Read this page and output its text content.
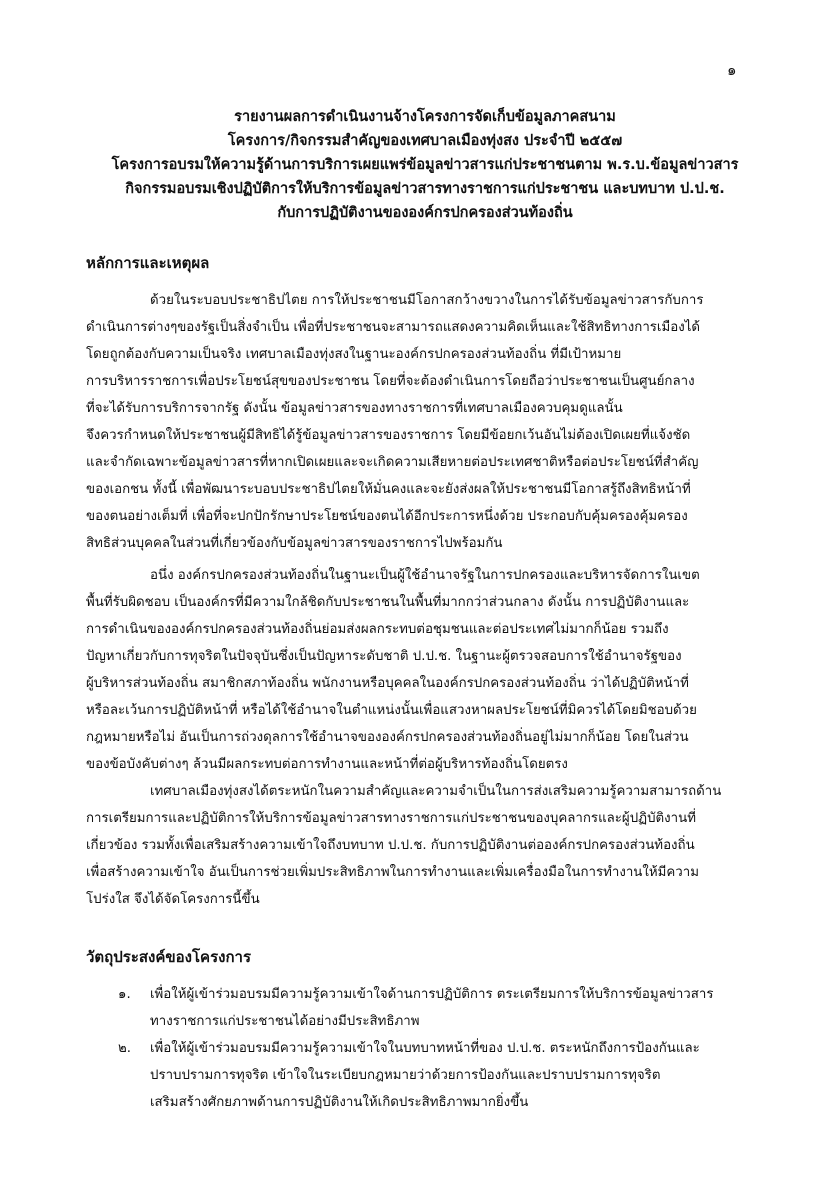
๑
รายงานผลการดำเนินงานจ้างโครงการจัดเก็บข้อมูลภาคสนาม
โครงการ/กิจกรรมสำคัญของเทศบาลเมืองทุ่งสง ประจำปี ๒๕๕๗
โครงการอบรมให้ความรู้ด้านการบริการเผยแพร่ข้อมูลข่าวสารแก่ประชาชนตาม พ.ร.บ.ข้อมูลข่าวสาร
กิจกรรมอบรมเชิงปฏิบัติการให้บริการข้อมูลข่าวสารทางราชการแก่ประชาชน และบทบาท ป.ป.ช.
กับการปฏิบัติงานขององค์กรปกครองส่วนท้องถิ่น
หลักการและเหตุผล
ด้วยในระบอบประชาธิปไตย การให้ประชาชนมีโอกาสกว้างขวางในการได้รับข้อมูลข่าวสารกับการ
ดำเนินการต่างๆของรัฐเป็นสิ่งจำเป็น เพื่อที่ประชาชนจะสามารถแสดงความคิดเห็นและใช้สิทธิทางการเมืองได้
โดยถูกต้องกับความเป็นจริง เทศบาลเมืองทุ่งสงในฐานะองค์กรปกครองส่วนท้องถิ่น ที่มีเป้าหมาย
การบริหารราชการเพื่อประโยชน์สุขของประชาชน โดยที่จะต้องดำเนินการโดยถือว่าประชาชนเป็นศูนย์กลาง
ที่จะได้รับการบริการจากรัฐ ดังนั้น ข้อมูลข่าวสารของทางราชการที่เทศบาลเมืองควบคุมดูแลนั้น
จึงควรกำหนดให้ประชาชนผู้มีสิทธิได้รู้ข้อมูลข่าวสารของราชการ โดยมีข้อยกเว้นอันไม่ต้องเปิดเผยที่แจ้งชัด
และจำกัดเฉพาะข้อมูลข่าวสารที่หากเปิดเผยและจะเกิดความเสียหายต่อประเทศชาติหรือต่อประโยชน์ที่สำคัญ
ของเอกชน ทั้งนี้ เพื่อพัฒนาระบอบประชาธิปไตยให้มั่นคงและจะยังส่งผลให้ประชาชนมีโอกาสรู้ถึงสิทธิหน้าที่
ของตนอย่างเต็มที่ เพื่อที่จะปกปักรักษาประโยชน์ของตนได้อีกประการหนึ่งด้วย ประกอบกับคุ้มครองคุ้มครอง
สิทธิส่วนบุคคลในส่วนที่เกี่ยวข้องกับข้อมูลข่าวสารของราชการไปพร้อมกัน
อนึ่ง องค์กรปกครองส่วนท้องถิ่นในฐานะเป็นผู้ใช้อำนาจรัฐในการปกครองและบริหารจัดการในเขต
พื้นที่รับผิดชอบ เป็นองค์กรที่มีความใกล้ชิดกับประชาชนในพื้นที่มากกว่าส่วนกลาง ดังนั้น การปฏิบัติงานและ
การดำเนินขององค์กรปกครองส่วนท้องถิ่นย่อมส่งผลกระทบต่อชุมชนและต่อประเทศไม่มากก็น้อย รวมถึง
ปัญหาเกี่ยวกับการทุจริตในปัจจุบันซึ่งเป็นปัญหาระดับชาติ ป.ป.ช. ในฐานะผู้ตรวจสอบการใช้อำนาจรัฐของ
ผู้บริหารส่วนท้องถิ่น สมาชิกสภาท้องถิ่น พนักงานหรือบุคคลในองค์กรปกครองส่วนท้องถิ่น ว่าได้ปฏิบัติหน้าที่
หรือละเว้นการปฏิบัติหน้าที่ หรือได้ใช้อำนาจในตำแหน่งนั้นเพื่อแสวงหาผลประโยชน์ที่มิควรได้โดยมิชอบด้วย
กฎหมายหรือไม่ อันเป็นการถ่วงดุลการใช้อำนาจขององค์กรปกครองส่วนท้องถิ่นอยู่ไม่มากก็น้อย โดยในส่วน
ของข้อบังคับต่างๆ ล้วนมีผลกระทบต่อการทำงานและหน้าที่ต่อผู้บริหารท้องถิ่นโดยตรง
เทศบาลเมืองทุ่งสงได้ตระหนักในความสำคัญและความจำเป็นในการส่งเสริมความรู้ความสามารถด้าน
การเตรียมการและปฏิบัติการให้บริการข้อมูลข่าวสารทางราชการแก่ประชาชนของบุคลากรและผู้ปฏิบัติงานที่
เกี่ยวข้อง รวมทั้งเพื่อเสริมสร้างความเข้าใจถึงบทบาท ป.ป.ช. กับการปฏิบัติงานต่อองค์กรปกครองส่วนท้องถิ่น
เพื่อสร้างความเข้าใจ อันเป็นการช่วยเพิ่มประสิทธิภาพในการทำงานและเพิ่มเครื่องมือในการทำงานให้มีความ
โปร่งใส จึงได้จัดโครงการนี้ขึ้น
วัตถุประสงค์ของโครงการ
๑. เพื่อให้ผู้เข้าร่วมอบรมมีความรู้ความเข้าใจด้านการปฏิบัติการ ตระเตรียมการให้บริการข้อมูลข่าวสาร
ทางราชการแก่ประชาชนได้อย่างมีประสิทธิภาพ
๒. เพื่อให้ผู้เข้าร่วมอบรมมีความรู้ความเข้าใจในบทบาทหน้าที่ของ ป.ป.ช. ตระหนักถึงการป้องกันและ
ปราบปรามการทุจริต เข้าใจในระเบียบกฎหมายว่าด้วยการป้องกันและปราบปรามการทุจริต
เสริมสร้างศักยภาพด้านการปฏิบัติงานให้เกิดประสิทธิภาพมากยิ่งขึ้น
